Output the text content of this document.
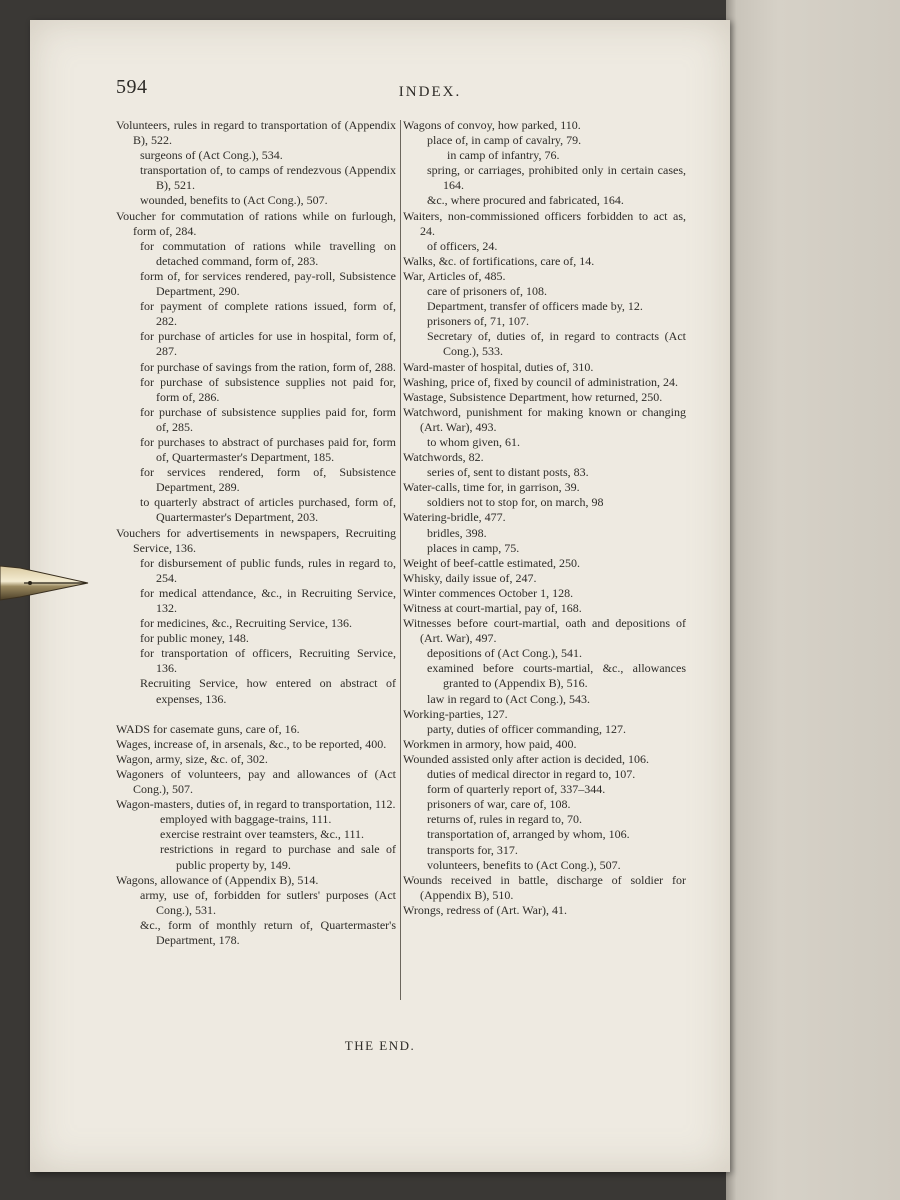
594	INDEX.
Volunteers, rules in regard to transportation of (Appendix B), 522.
surgeons of (Act Cong.), 534.
transportation of, to camps of rendezvous (Appendix B), 521.
wounded, benefits to (Act Cong.), 507.
Voucher for commutation of rations while on furlough, form of, 284.
for commutation of rations while travelling on detached command, form of, 283.
form of, for services rendered, pay-roll, Subsistence Department, 290.
for payment of complete rations issued, form of, 282.
for purchase of articles for use in hospital, form of, 287.
for purchase of savings from the ration, form of, 288.
for purchase of subsistence supplies not paid for, form of, 286.
for purchase of subsistence supplies paid for, form of, 285.
for purchases to abstract of purchases paid for, form of, Quartermaster's Department, 185.
for services rendered, form of, Subsistence Department, 289.
to quarterly abstract of articles purchased, form of, Quartermaster's Department, 203.
Vouchers for advertisements in newspapers, Recruiting Service, 136.
for disbursement of public funds, rules in regard to, 254.
for medical attendance, &c., in Recruiting Service, 132.
for medicines, &c., Recruiting Service, 136.
for public money, 148.
for transportation of officers, Recruiting Service, 136.
Recruiting Service, how entered on abstract of expenses, 136.
WADS for casemate guns, care of, 16.
Wages, increase of, in arsenals, &c., to be reported, 400.
Wagon, army, size, &c. of, 302.
Wagoners of volunteers, pay and allowances of (Act Cong.), 507.
Wagon-masters, duties of, in regard to transportation, 112.
employed with baggage-trains, 111.
exercise restraint over teamsters, &c., 111.
restrictions in regard to purchase and sale of public property by, 149.
Wagons, allowance of (Appendix B), 514.
army, use of, forbidden for sutlers' purposes (Act Cong.), 531.
&c., form of monthly return of, Quartermaster's Department, 178.
Wagons of convoy, how parked, 110.
place of, in camp of cavalry, 79.
in camp of infantry, 76.
spring, or carriages, prohibited only in certain cases, 164.
&c., where procured and fabricated, 164.
Waiters, non-commissioned officers forbidden to act as, 24.
of officers, 24.
Walks, &c. of fortifications, care of, 14.
War, Articles of, 485.
care of prisoners of, 108.
Department, transfer of officers made by, 12.
prisoners of, 71, 107.
Secretary of, duties of, in regard to contracts (Act Cong.), 533.
Ward-master of hospital, duties of, 310.
Washing, price of, fixed by council of administration, 24.
Wastage, Subsistence Department, how returned, 250.
Watchword, punishment for making known or changing (Art. War), 493.
to whom given, 61.
Watchwords, 82.
series of, sent to distant posts, 83.
Water-calls, time for, in garrison, 39.
soldiers not to stop for, on march, 98
Watering-bridle, 477.
bridles, 398.
places in camp, 75.
Weight of beef-cattle estimated, 250.
Whisky, daily issue of, 247.
Winter commences October 1, 128.
Witness at court-martial, pay of, 168.
Witnesses before court-martial, oath and depositions of (Art. War), 497.
depositions of (Act Cong.), 541.
examined before courts-martial, &c., allowances granted to (Appendix B), 516.
law in regard to (Act Cong.), 543.
Working-parties, 127.
party, duties of officer commanding, 127.
Workmen in armory, how paid, 400.
Wounded assisted only after action is decided, 106.
duties of medical director in regard to, 107.
form of quarterly report of, 337–344.
prisoners of war, care of, 108.
returns of, rules in regard to, 70.
transportation of, arranged by whom, 106.
transports for, 317.
volunteers, benefits to (Act Cong.), 507.
Wounds received in battle, discharge of soldier for (Appendix B), 510.
Wrongs, redress of (Art. War), 41.
THE END.
